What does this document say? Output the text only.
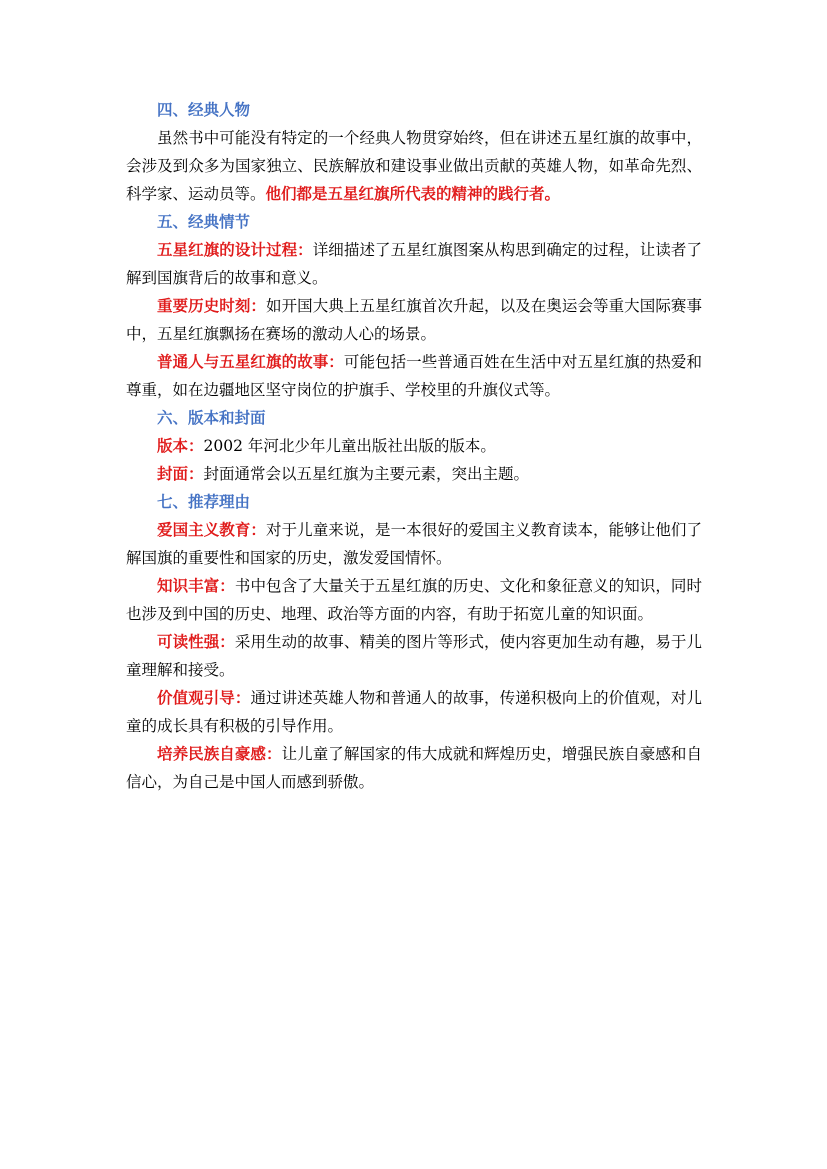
四、经典人物

虽然书中可能没有特定的一个经典人物贯穿始终，但在讲述五星红旗的故事中，会涉及到众多为国家独立、民族解放和建设事业做出贡献的英雄人物，如革命先烈、科学家、运动员等。他们都是五星红旗所代表的精神的践行者。

五、经典情节

五星红旗的设计过程：详细描述了五星红旗图案从构思到确定的过程，让读者了解到国旗背后的故事和意义。

重要历史时刻：如开国大典上五星红旗首次升起，以及在奥运会等重大国际赛事中，五星红旗飘扬在赛场的激动人心的场景。

普通人与五星红旗的故事：可能包括一些普通百姓在生活中对五星红旗的热爱和尊重，如在边疆地区坚守岗位的护旗手、学校里的升旗仪式等。

六、版本和封面

版本：2002 年河北少年儿童出版社出版的版本。

封面：封面通常会以五星红旗为主要元素，突出主题。

七、推荐理由

爱国主义教育：对于儿童来说，是一本很好的爱国主义教育读本，能够让他们了解国旗的重要性和国家的历史，激发爱国情怀。

知识丰富：书中包含了大量关于五星红旗的历史、文化和象征意义的知识，同时也涉及到中国的历史、地理、政治等方面的内容，有助于拓宽儿童的知识面。

可读性强：采用生动的故事、精美的图片等形式，使内容更加生动有趣，易于儿童理解和接受。

价值观引导：通过讲述英雄人物和普通人的故事，传递积极向上的价值观，对儿童的成长具有积极的引导作用。

培养民族自豪感：让儿童了解国家的伟大成就和辉煌历史，增强民族自豪感和自信心，为自己是中国人而感到骄傲。
